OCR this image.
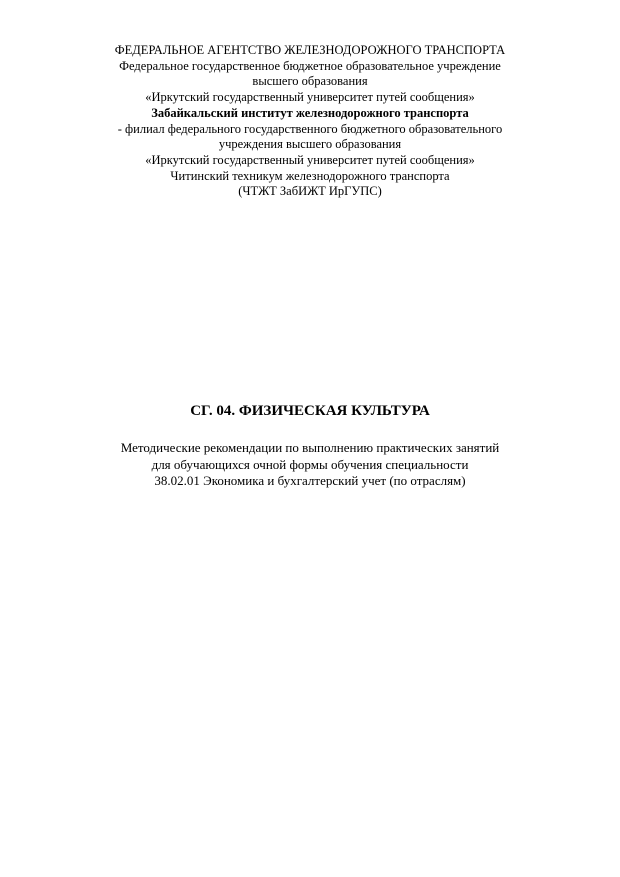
ФЕДЕРАЛЬНОЕ АГЕНТСТВО ЖЕЛЕЗНОДОРОЖНОГО ТРАНСПОРТА
Федеральное государственное бюджетное образовательное учреждение
высшего образования
«Иркутский государственный университет путей сообщения»
Забайкальский институт железнодорожного транспорта
- филиал федерального государственного бюджетного образовательного
учреждения высшего образования
«Иркутский государственный университет путей сообщения»
Читинский техникум железнодорожного транспорта
(ЧТЖТ ЗабИЖТ ИрГУПС)
СГ. 04. ФИЗИЧЕСКАЯ КУЛЬТУРА
Методические рекомендации по выполнению практических занятий
для обучающихся очной формы обучения специальности
38.02.01 Экономика и бухгалтерский учет (по отраслям)
